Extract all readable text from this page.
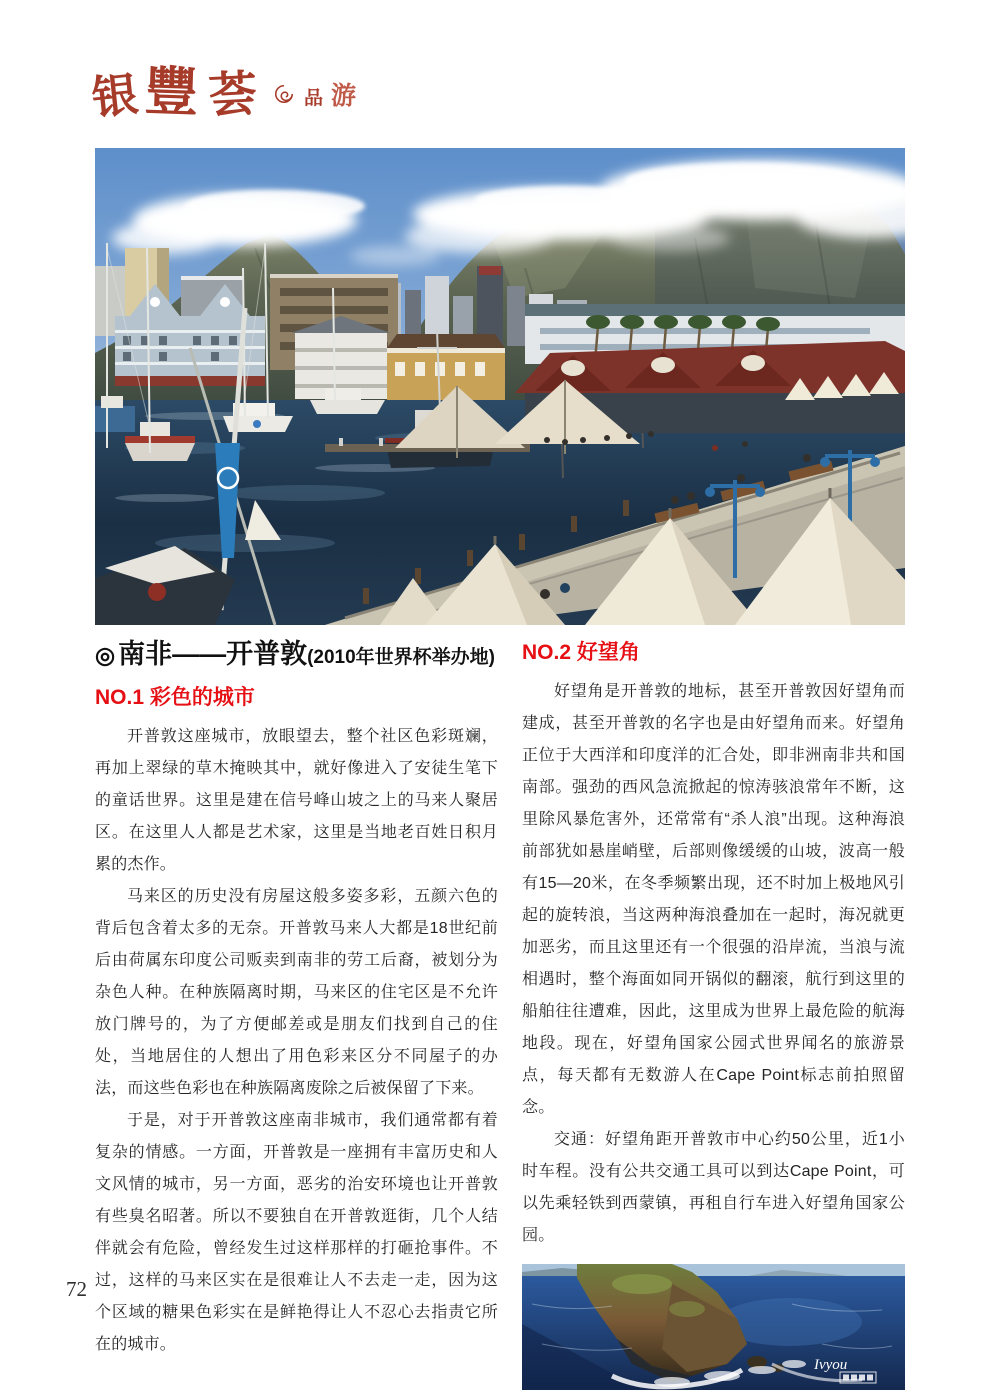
银 豐 荟 品 游
◎ 南非——开普敦 (2010年世界杯举办地)
NO.1 彩色的城市

开普敦这座城市，放眼望去，整个社区色彩斑斓，再加上翠绿的草木掩映其中，就好像进入了安徒生笔下的童话世界。这里是建在信号峰山坡之上的马来人聚居区。在这里人人都是艺术家，这里是当地老百姓日积月累的杰作。

马来区的历史没有房屋这般多姿多彩，五颜六色的背后包含着太多的无奈。开普敦马来人大都是18世纪前后由荷属东印度公司贩卖到南非的劳工后裔，被划分为杂色人种。在种族隔离时期，马来区的住宅区是不允许放门牌号的，为了方便邮差或是朋友们找到自己的住处，当地居住的人想出了用色彩来区分不同屋子的办法，而这些色彩也在种族隔离废除之后被保留了下来。

于是，对于开普敦这座南非城市，我们通常都有着复杂的情感。一方面，开普敦是一座拥有丰富历史和人文风情的城市，另一方面，恶劣的治安环境也让开普敦有些臭名昭著。所以不要独自在开普敦逛街，几个人结伴就会有危险，曾经发生过这样那样的打砸抢事件。不过，这样的马来区实在是很难让人不去走一走，因为这个区域的糖果色彩实在是鲜艳得让人不忍心去指责它所在的城市。

NO.2 好望角

好望角是开普敦的地标，甚至开普敦因好望角而建成，甚至开普敦的名字也是由好望角而来。好望角正位于大西洋和印度洋的汇合处，即非洲南非共和国南部。强劲的西风急流掀起的惊涛骇浪常年不断，这里除风暴危害外，还常常有“杀人浪”出现。这种海浪前部犹如悬崖峭壁，后部则像缓缓的山坡，波高一般有15—20米，在冬季频繁出现，还不时加上极地风引起的旋转浪，当这两种海浪叠加在一起时，海况就更加恶劣，而且这里还有一个很强的沿岸流，当浪与流相遇时，整个海面如同开锅似的翻滚，航行到这里的船舶往往遭难，因此，这里成为世界上最危险的航海地段。现在，好望角国家公园式世界闻名的旅游景点，每天都有无数游人在Cape Point标志前拍照留念。

交通：好望角距开普敦市中心约50公里，近1小时车程。没有公共交通工具可以到达Cape Point，可以先乘轻铁到西蒙镇，再租自行车进入好望角国家公园。

Ivyou
72
